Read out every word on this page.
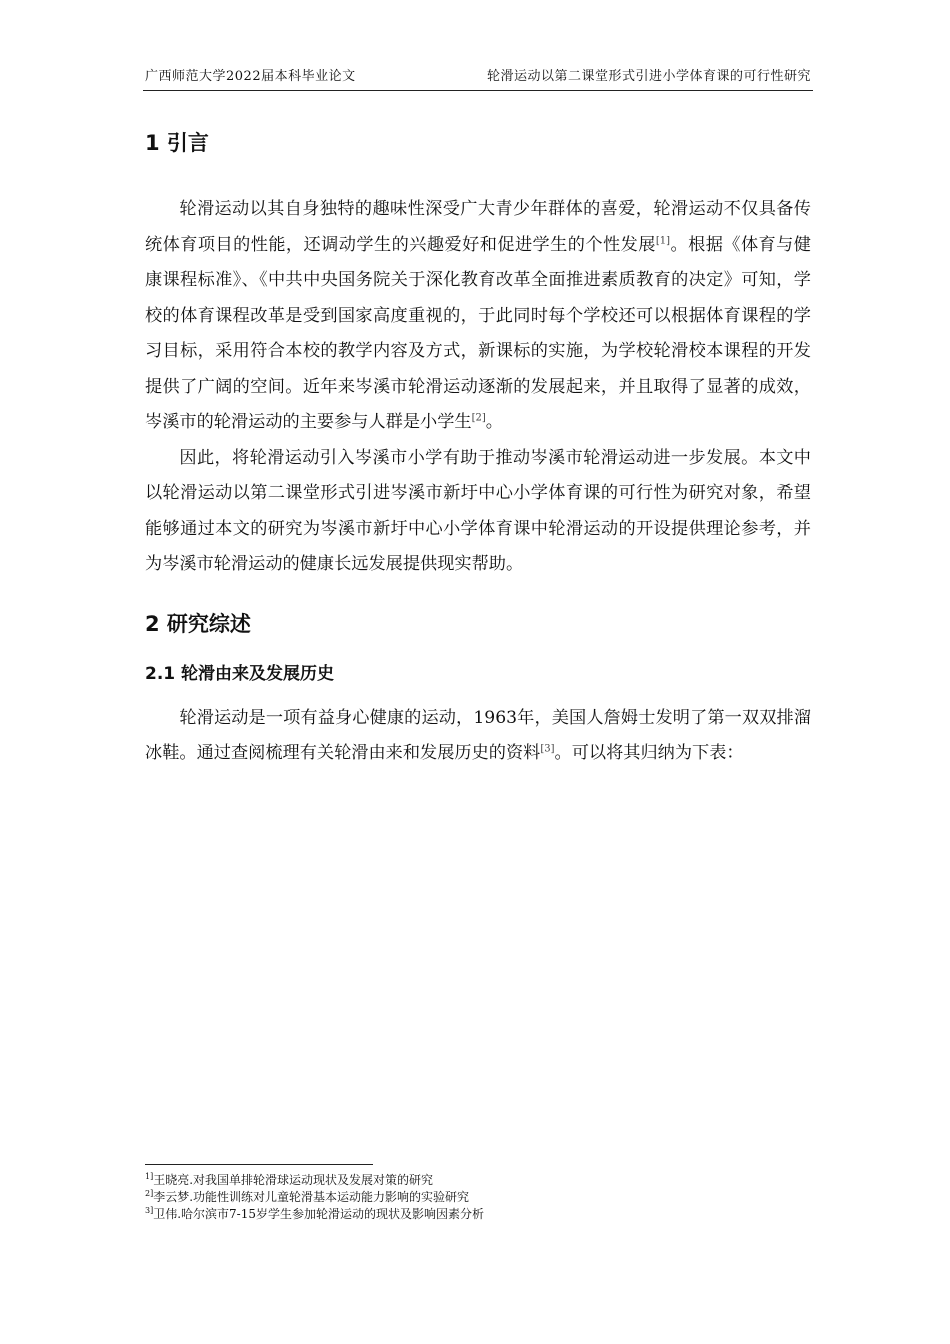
广西师范大学2022届本科毕业论文	轮滑运动以第二课堂形式引进小学体育课的可行性研究
1 引言

轮滑运动以其自身独特的趣味性深受广大青少年群体的喜爱，轮滑运动不仅具备传统体育项目的性能，还调动学生的兴趣爱好和促进学生的个性发展[1]。根据《体育与健康课程标准》、《中共中央国务院关于深化教育改革全面推进素质教育的决定》可知，学校的体育课程改革是受到国家高度重视的，于此同时每个学校还可以根据体育课程的学习目标，采用符合本校的教学内容及方式，新课标的实施，为学校轮滑校本课程的开发提供了广阔的空间。近年来岑溪市轮滑运动逐渐的发展起来，并且取得了显著的成效，岑溪市的轮滑运动的主要参与人群是小学生[2]。

因此，将轮滑运动引入岑溪市小学有助于推动岑溪市轮滑运动进一步发展。本文中以轮滑运动以第二课堂形式引进岑溪市新圩中心小学体育课的可行性为研究对象，希望能够通过本文的研究为岑溪市新圩中心小学体育课中轮滑运动的开设提供理论参考，并为岑溪市轮滑运动的健康长远发展提供现实帮助。

2 研究综述
2.1 轮滑由来及发展历史

轮滑运动是一项有益身心健康的运动，1963年，美国人詹姆士发明了第一双双排溜冰鞋。通过查阅梳理有关轮滑由来和发展历史的资料[3]。可以将其归纳为下表：

$^{1]}$王晓亮.对我国单排轮滑球运动现状及发展对策的研究
$^{2]}$李云梦.功能性训练对儿童轮滑基本运动能力影响的实验研究
$^{3]}$卫伟.哈尔滨市7-15岁学生参加轮滑运动的现状及影响因素分析
